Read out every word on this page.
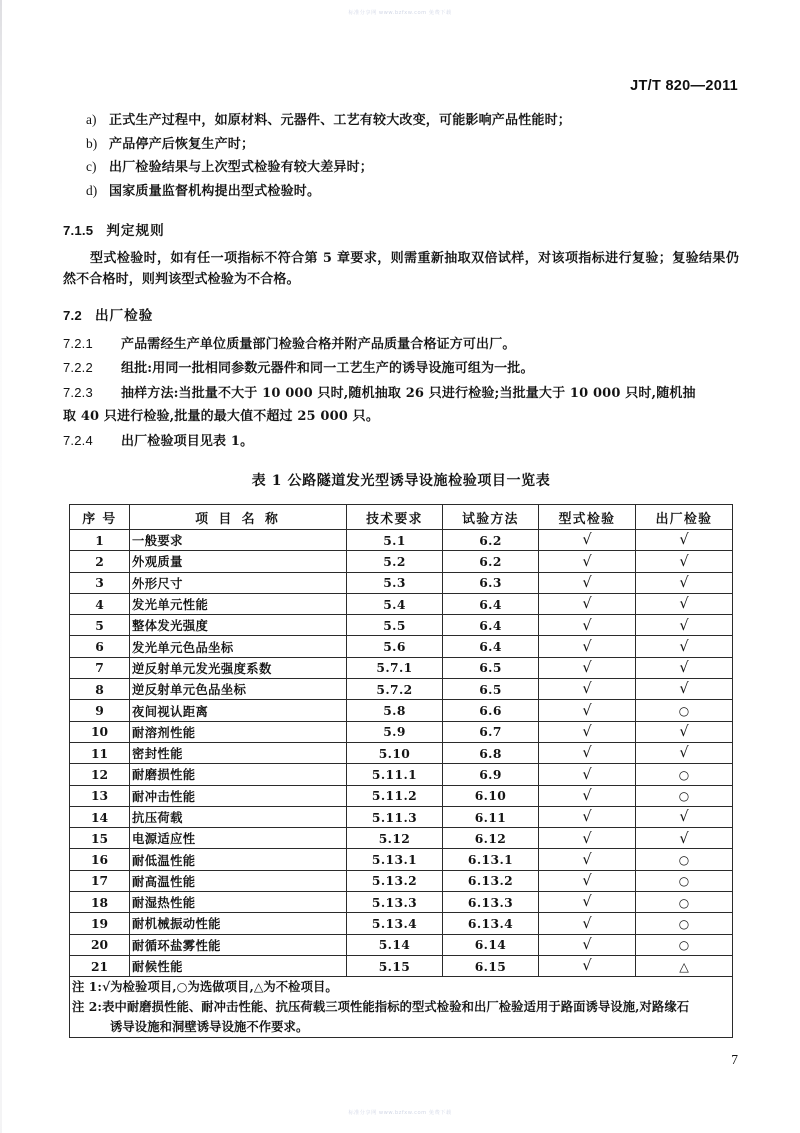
标准分享网 www.bzfxw.com 免费下载
JT/T 820—2011
a) 正式生产过程中，如原材料、元器件、工艺有较大改变，可能影响产品性能时；
b) 产品停产后恢复生产时；
c) 出厂检验结果与上次型式检验有较大差异时；
d) 国家质量监督机构提出型式检验时。
7.1.5 判定规则

型式检验时，如有任一项指标不符合第 5 章要求，则需重新抽取双倍试样，对该项指标进行复验；复验结果仍然不合格时，则判该型式检验为不合格。

7.2 出厂检验
7.2.1	产品需经生产单位质量部门检验合格并附产品质量合格证方可出厂。
7.2.2	组批:用同一批相同参数元器件和同一工艺生产的诱导设施可组为一批。
7.2.3	抽样方法:当批量不大于 10 000 只时,随机抽取 26 只进行检验;当批量大于 10 000 只时,随机抽
取 40 只进行检验,批量的最大值不超过 25 000 只。
7.2.4	出厂检验项目见表 1。
表 1 公路隧道发光型诱导设施检验项目一览表
序 号	项 目 名 称	技术要求	试验方法	型式检验	出厂检验
1	一般要求	5.1	6.2	√	√
2	外观质量	5.2	6.2	√	√
3	外形尺寸	5.3	6.3	√	√
4	发光单元性能	5.4	6.4	√	√
5	整体发光强度	5.5	6.4	√	√
6	发光单元色品坐标	5.6	6.4	√	√
7	逆反射单元发光强度系数	5.7.1	6.5	√	√
8	逆反射单元色品坐标	5.7.2	6.5	√	√
9	夜间视认距离	5.8	6.6	√	○
10	耐溶剂性能	5.9	6.7	√	√
11	密封性能	5.10	6.8	√	√
12	耐磨损性能	5.11.1	6.9	√	○
13	耐冲击性能	5.11.2	6.10	√	○
14	抗压荷载	5.11.3	6.11	√	√
15	电源适应性	5.12	6.12	√	√
16	耐低温性能	5.13.1	6.13.1	√	○
17	耐高温性能	5.13.2	6.13.2	√	○
18	耐湿热性能	5.13.3	6.13.3	√	○
19	耐机械振动性能	5.13.4	6.13.4	√	○
20	耐循环盐雾性能	5.14	6.14	√	○
21	耐候性能	5.15	6.15	√	△

注 1: √为检验项目,○为选做项目,△为不检项目。
注 2: 表中耐磨损性能、耐冲击性能、抗压荷载三项性能指标的型式检验和出厂检验适用于路面诱导设施,对路缘石
诱导设施和洞壁诱导设施不作要求。					
7
标准分享网 www.bzfxw.com 免费下载
